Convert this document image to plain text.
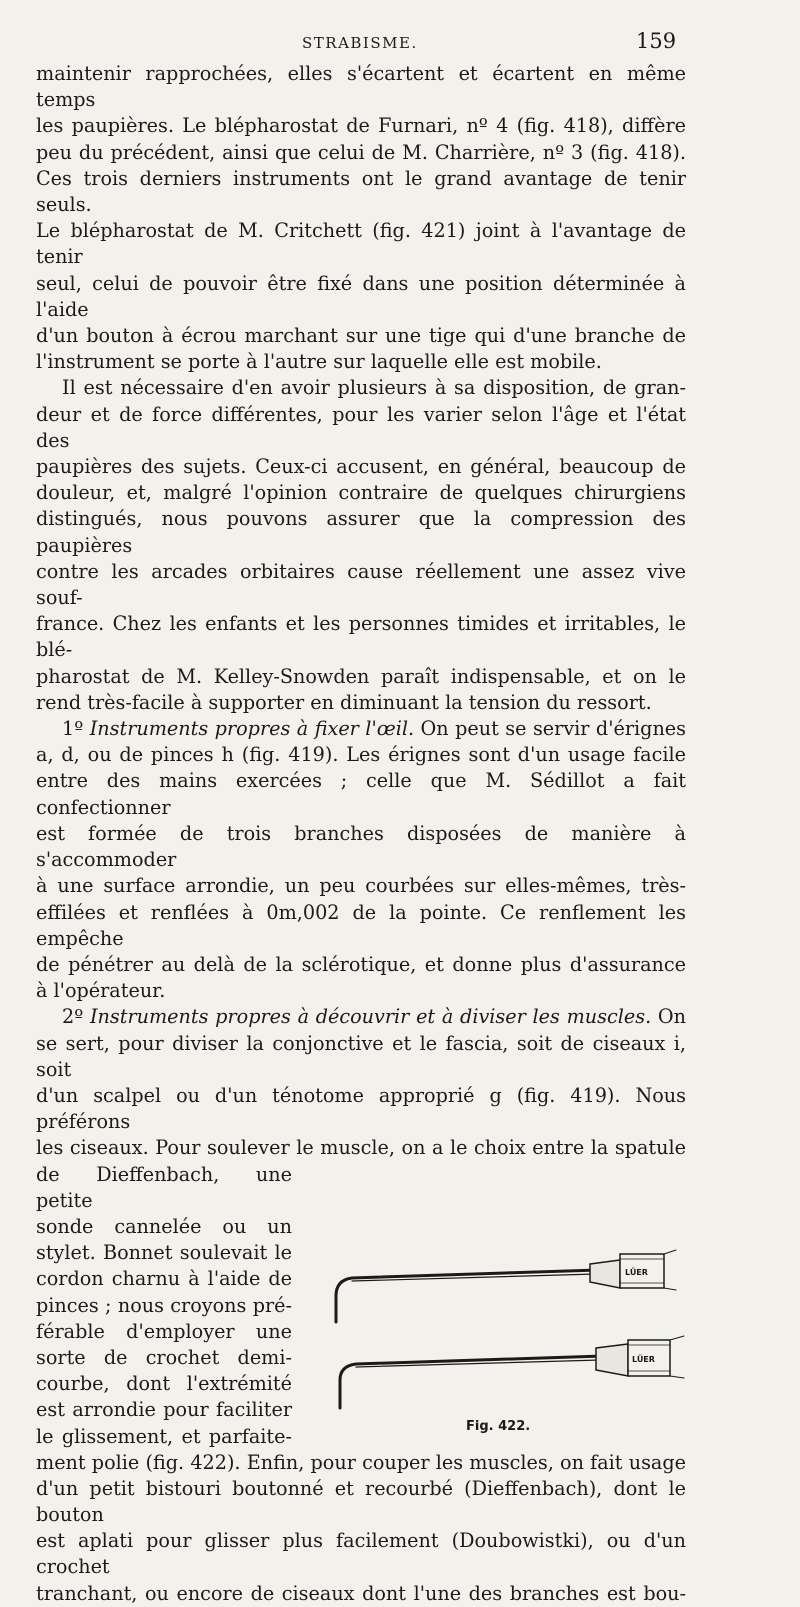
STRABISME.	159

maintenir rapprochées, elles s'écartent et écartent en même temps

les paupières. Le blépharostat de Furnari, nº 4 (fig. 418), diffère

peu du précédent, ainsi que celui de M. Charrière, nº 3 (fig. 418).

Ces trois derniers instruments ont le grand avantage de tenir seuls.

Le blépharostat de M. Critchett (fig. 421) joint à l'avantage de tenir

seul, celui de pouvoir être fixé dans une position déterminée à l'aide

d'un bouton à écrou marchant sur une tige qui d'une branche de

l'instrument se porte à l'autre sur laquelle elle est mobile.

Il est nécessaire d'en avoir plusieurs à sa disposition, de gran-

deur et de force différentes, pour les varier selon l'âge et l'état des

paupières des sujets. Ceux-ci accusent, en général, beaucoup de

douleur, et, malgré l'opinion contraire de quelques chirurgiens

distingués, nous pouvons assurer que la compression des paupières

contre les arcades orbitaires cause réellement une assez vive souf-

france. Chez les enfants et les personnes timides et irritables, le blé-

pharostat de M. Kelley-Snowden paraît indispensable, et on le

rend très-facile à supporter en diminuant la tension du ressort.

1º Instruments propres à fixer l'œil. On peut se servir d'érignes

a, d, ou de pinces h (fig. 419). Les érignes sont d'un usage facile

entre des mains exercées ; celle que M. Sédillot a fait confectionner

est formée de trois branches disposées de manière à s'accommoder

à une surface arrondie, un peu courbées sur elles-mêmes, très-

effilées et renflées à 0m,002 de la pointe. Ce renflement les empêche

de pénétrer au delà de la sclérotique, et donne plus d'assurance

à l'opérateur.

2º Instruments propres à découvrir et à diviser les muscles. On

se sert, pour diviser la conjonctive et le fascia, soit de ciseaux i, soit

d'un scalpel ou d'un ténotome approprié g (fig. 419). Nous préférons

les ciseaux. Pour soulever le muscle, on a le choix entre la spatule

de Dieffenbach, une petite

sonde cannelée ou un

stylet. Bonnet soulevait le

cordon charnu à l'aide de

pinces ; nous croyons pré-

férable d'employer une

sorte de crochet demi-

courbe, dont l'extrémité

est arrondie pour faciliter

le glissement, et parfaite-

LÜER
LÜER
Fig. 422.

ment polie (fig. 422). Enfin, pour couper les muscles, on fait usage

d'un petit bistouri boutonné et recourbé (Dieffenbach), dont le bouton

est aplati pour glisser plus facilement (Doubowistki), ou d'un crochet

tranchant, ou encore de ciseaux dont l'une des branches est bou-
